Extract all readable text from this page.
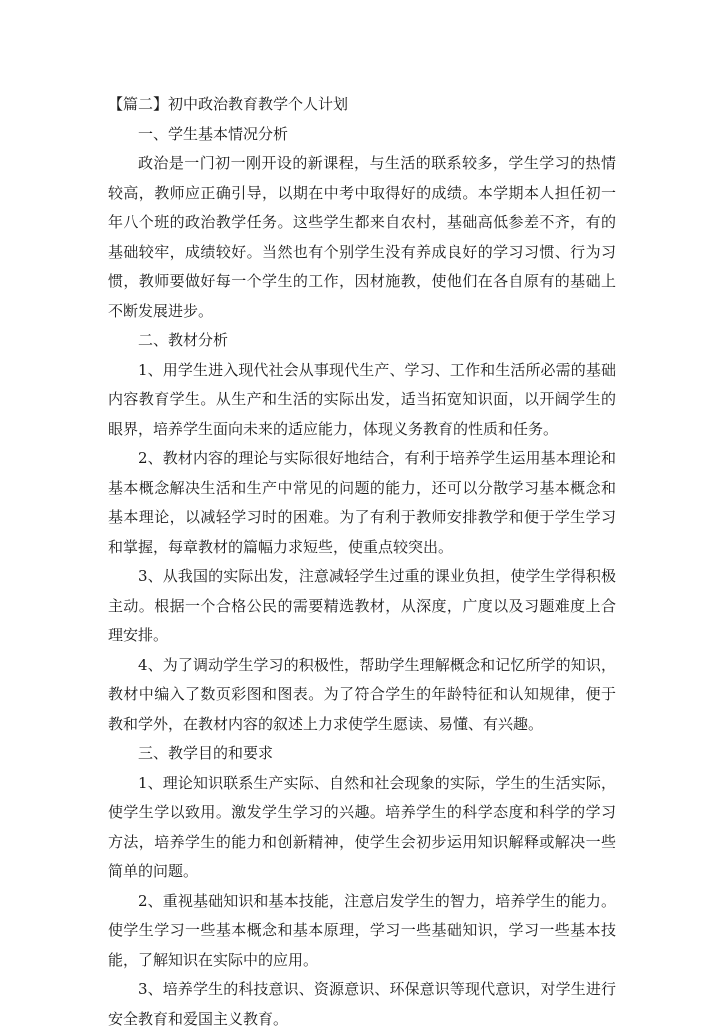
【篇二】初中政治教育教学个人计划

一、学生基本情况分析

政治是一门初一刚开设的新课程，与生活的联系较多，学生学习的热情较高，教师应正确引导，以期在中考中取得好的成绩。本学期本人担任初一年八个班的政治教学任务。这些学生都来自农村，基础高低参差不齐，有的基础较牢，成绩较好。当然也有个别学生没有养成良好的学习习惯、行为习惯，教师要做好每一个学生的工作，因材施教，使他们在各自原有的基础上不断发展进步。

二、教材分析

1、用学生进入现代社会从事现代生产、学习、工作和生活所必需的基础内容教育学生。从生产和生活的实际出发，适当拓宽知识面，以开阔学生的眼界，培养学生面向未来的适应能力，体现义务教育的性质和任务。

2、教材内容的理论与实际很好地结合，有利于培养学生运用基本理论和基本概念解决生活和生产中常见的问题的能力，还可以分散学习基本概念和基本理论，以减轻学习时的困难。为了有利于教师安排教学和便于学生学习和掌握，每章教材的篇幅力求短些，使重点较突出。

3、从我国的实际出发，注意减轻学生过重的课业负担，使学生学得积极主动。根据一个合格公民的需要精选教材，从深度，广度以及习题难度上合理安排。

4、为了调动学生学习的积极性，帮助学生理解概念和记忆所学的知识，教材中编入了数页彩图和图表。为了符合学生的年龄特征和认知规律，便于教和学外，在教材内容的叙述上力求使学生愿读、易懂、有兴趣。

三、教学目的和要求

1、理论知识联系生产实际、自然和社会现象的实际，学生的生活实际，使学生学以致用。激发学生学习的兴趣。培养学生的科学态度和科学的学习方法，培养学生的能力和创新精神，使学生会初步运用知识解释或解决一些简单的问题。

2、重视基础知识和基本技能，注意启发学生的智力，培养学生的能力。使学生学习一些基本概念和基本原理，学习一些基础知识，学习一些基本技能，了解知识在实际中的应用。

3、培养学生的科技意识、资源意识、环保意识等现代意识，对学生进行安全教育和爱国主义教育。
